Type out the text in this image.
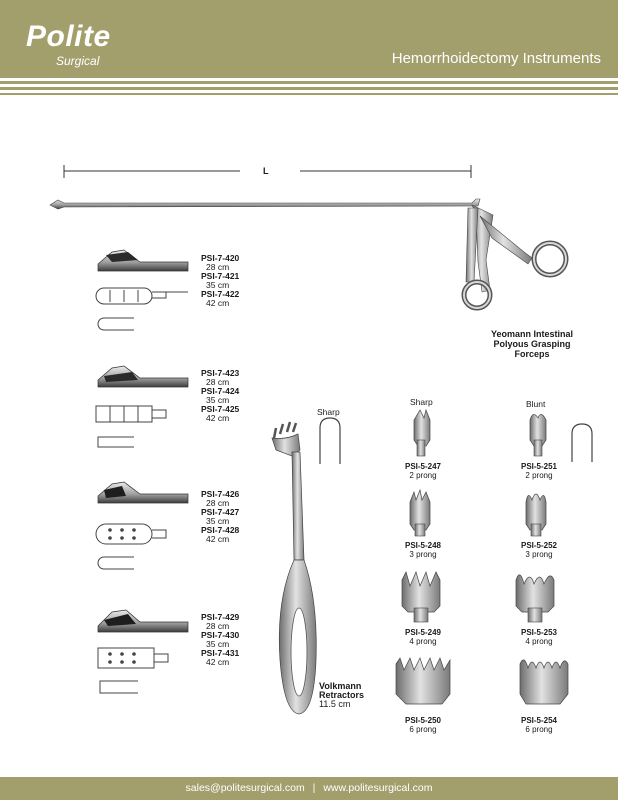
Polite
Surgical	Hemorrhoidectomy Instruments
L
PSI-7-420
28 cm
PSI-7-421
35 cm
PSI-7-422
42 cm
PSI-7-423
28 cm
PSI-7-424
35 cm
PSI-7-425
42 cm
PSI-7-426
28 cm
PSI-7-427
35 cm
PSI-7-428
42 cm
PSI-7-429
28 cm
PSI-7-430
35 cm
PSI-7-431
42 cm
Yeomann Intestinal
Polyous Grasping
Forceps
Sharp
Volkmann
Retractors
11.5 cm
Sharp	Blunt
PSI-5-247
2 prong
PSI-5-248
3 prong
PSI-5-249
4 prong
PSI-5-250
6 prong
PSI-5-251
2 prong
PSI-5-252
3 prong
PSI-5-253
4 prong
PSI-5-254
6 prong
sales@politesurgical.com | www.politesurgical.com
